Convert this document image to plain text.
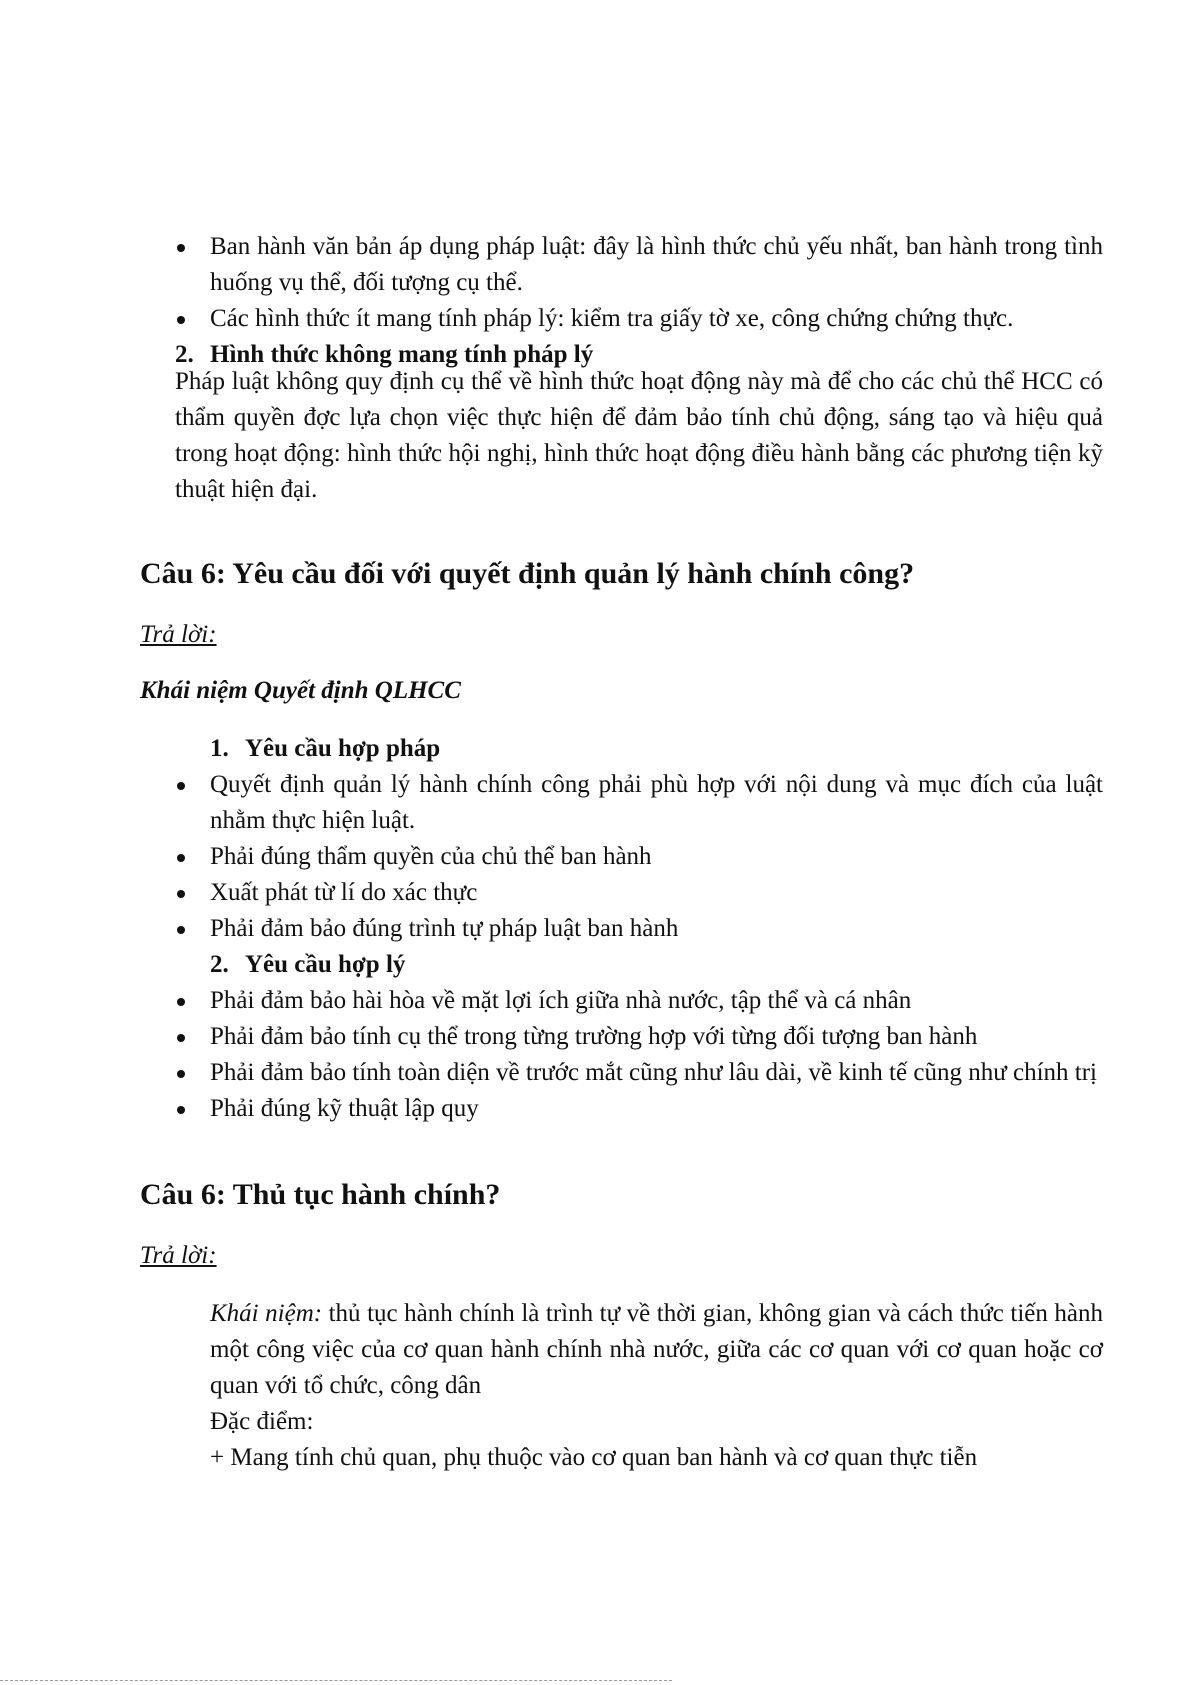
Ban hành văn bản áp dụng pháp luật: đây là hình thức chủ yếu nhất, ban hành trong tình huống vụ thể, đối tượng cụ thể.
Các hình thức ít mang tính pháp lý: kiểm tra giấy tờ xe, công chứng chứng thực.
2. Hình thức không mang tính pháp lý

Pháp luật không quy định cụ thể về hình thức hoạt động này mà để cho các chủ thể HCC có thẩm quyền đợc lựa chọn việc thực hiện để đảm bảo tính chủ động, sáng tạo và hiệu quả trong hoạt động: hình thức hội nghị, hình thức hoạt động điều hành bằng các phương tiện kỹ thuật hiện đại.

Câu 6: Yêu cầu đối với quyết định quản lý hành chính công?
Trả lời:
Khái niệm Quyết định QLHCC
1. Yêu cầu hợp pháp
Quyết định quản lý hành chính công phải phù hợp với nội dung và mục đích của luật nhằm thực hiện luật.
Phải đúng thẩm quyền của chủ thể ban hành
Xuất phát từ lí do xác thực
Phải đảm bảo đúng trình tự pháp luật ban hành
2. Yêu cầu hợp lý
Phải đảm bảo hài hòa về mặt lợi ích giữa nhà nước, tập thể và cá nhân
Phải đảm bảo tính cụ thể trong từng trường hợp với từng đối tượng ban hành
Phải đảm bảo tính toàn diện về trước mắt cũng như lâu dài, về kinh tế cũng như chính trị
Phải đúng kỹ thuật lập quy
Câu 6: Thủ tục hành chính?
Trả lời:

Khái niệm: thủ tục hành chính là trình tự về thời gian, không gian và cách thức tiến hành một công việc của cơ quan hành chính nhà nước, giữa các cơ quan với cơ quan hoặc cơ quan với tổ chức, công dân

Đặc điểm:

+ Mang tính chủ quan, phụ thuộc vào cơ quan ban hành và cơ quan thực tiễn
